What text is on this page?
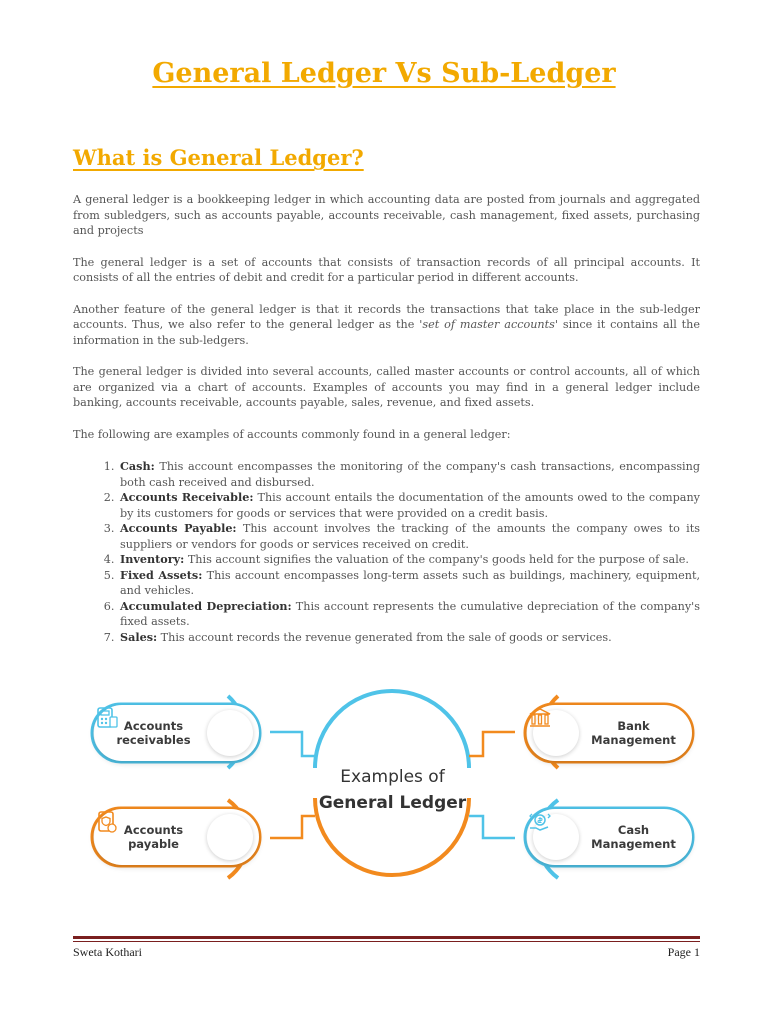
General Ledger Vs Sub-Ledger
What is General Ledger?

A general ledger is a bookkeeping ledger in which accounting data are posted from journals and aggregated from subledgers, such as accounts payable, accounts receivable, cash management, fixed assets, purchasing and projects

The general ledger is a set of accounts that consists of transaction records of all principal accounts. It consists of all the entries of debit and credit for a particular period in different accounts.

Another feature of the general ledger is that it records the transactions that take place in the sub-ledger accounts. Thus, we also refer to the general ledger as the 'set of master accounts' since it contains all the information in the sub-ledgers.

The general ledger is divided into several accounts, called master accounts or control accounts, all of which are organized via a chart of accounts. Examples of accounts you may find in a general ledger include banking, accounts receivable, accounts payable, sales, revenue, and fixed assets.

The following are examples of accounts commonly found in a general ledger:

1. Cash: This account encompasses the monitoring of the company's cash transactions, encompassing both cash received and disbursed.
2. Accounts Receivable: This account entails the documentation of the amounts owed to the company by its customers for goods or services that were provided on a credit basis.
3. Accounts Payable: This account involves the tracking of the amounts the company owes to its suppliers or vendors for goods or services received on credit.
4. Inventory: This account signifies the valuation of the company's goods held for the purpose of sale.
5. Fixed Assets: This account encompasses long-term assets such as buildings, machinery, equipment, and vehicles.
6. Accumulated Depreciation: This account represents the cumulative depreciation of the company's fixed assets.
7. Sales: This account records the revenue generated from the sale of goods or services.
Accounts receivables
Accounts payable
Bank Management
Cash Management
Examples of
General Ledger
Sweta Kothari	Page 1
